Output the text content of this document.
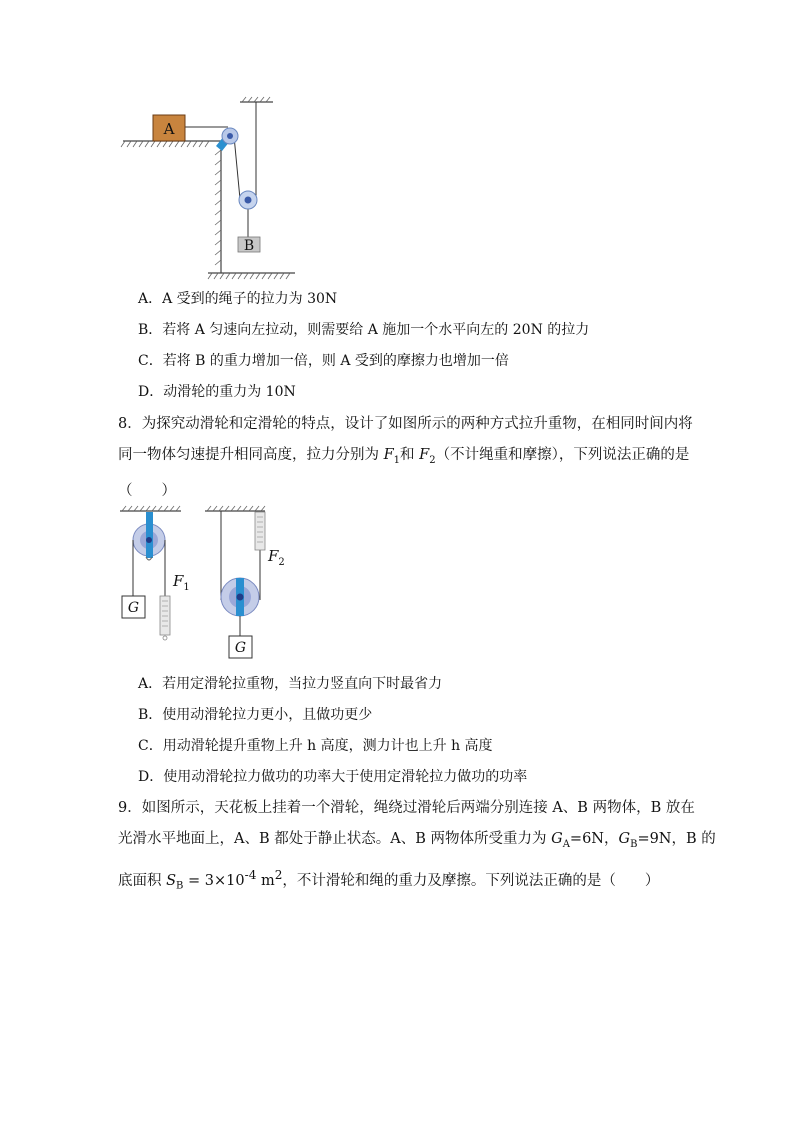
A
B
A．A 受到的绳子的拉力为 30N
B．若将 A 匀速向左拉动，则需要给 A 施加一个水平向左的 20N 的拉力
C．若将 B 的重力增加一倍，则 A 受到的摩擦力也增加一倍
D．动滑轮的重力为 10N
8．为探究动滑轮和定滑轮的特点，设计了如图所示的两种方式拉升重物，在相同时间内将
同一物体匀速提升相同高度，拉力分别为 $F_1$和 $F_2$（不计绳重和摩擦），下列说法正确的是
（　　）
G
$F_1$
$F_2$
G
A．若用定滑轮拉重物，当拉力竖直向下时最省力
B．使用动滑轮拉力更小，且做功更少
C．用动滑轮提升重物上升 h 高度，测力计也上升 h 高度
D．使用动滑轮拉力做功的功率大于使用定滑轮拉力做功的功率
9．如图所示，天花板上挂着一个滑轮，绳绕过滑轮后两端分别连接 A、B 两物体，B 放在
光滑水平地面上，A、B 都处于静止状态。A、B 两物体所受重力为 $G_A=6N$，$G_B=9N$，B 的
底面积 $S_B = 3\times 10^{-4}$ $m^2$，不计滑轮和绳的重力及摩擦。下列说法正确的是（　　）
